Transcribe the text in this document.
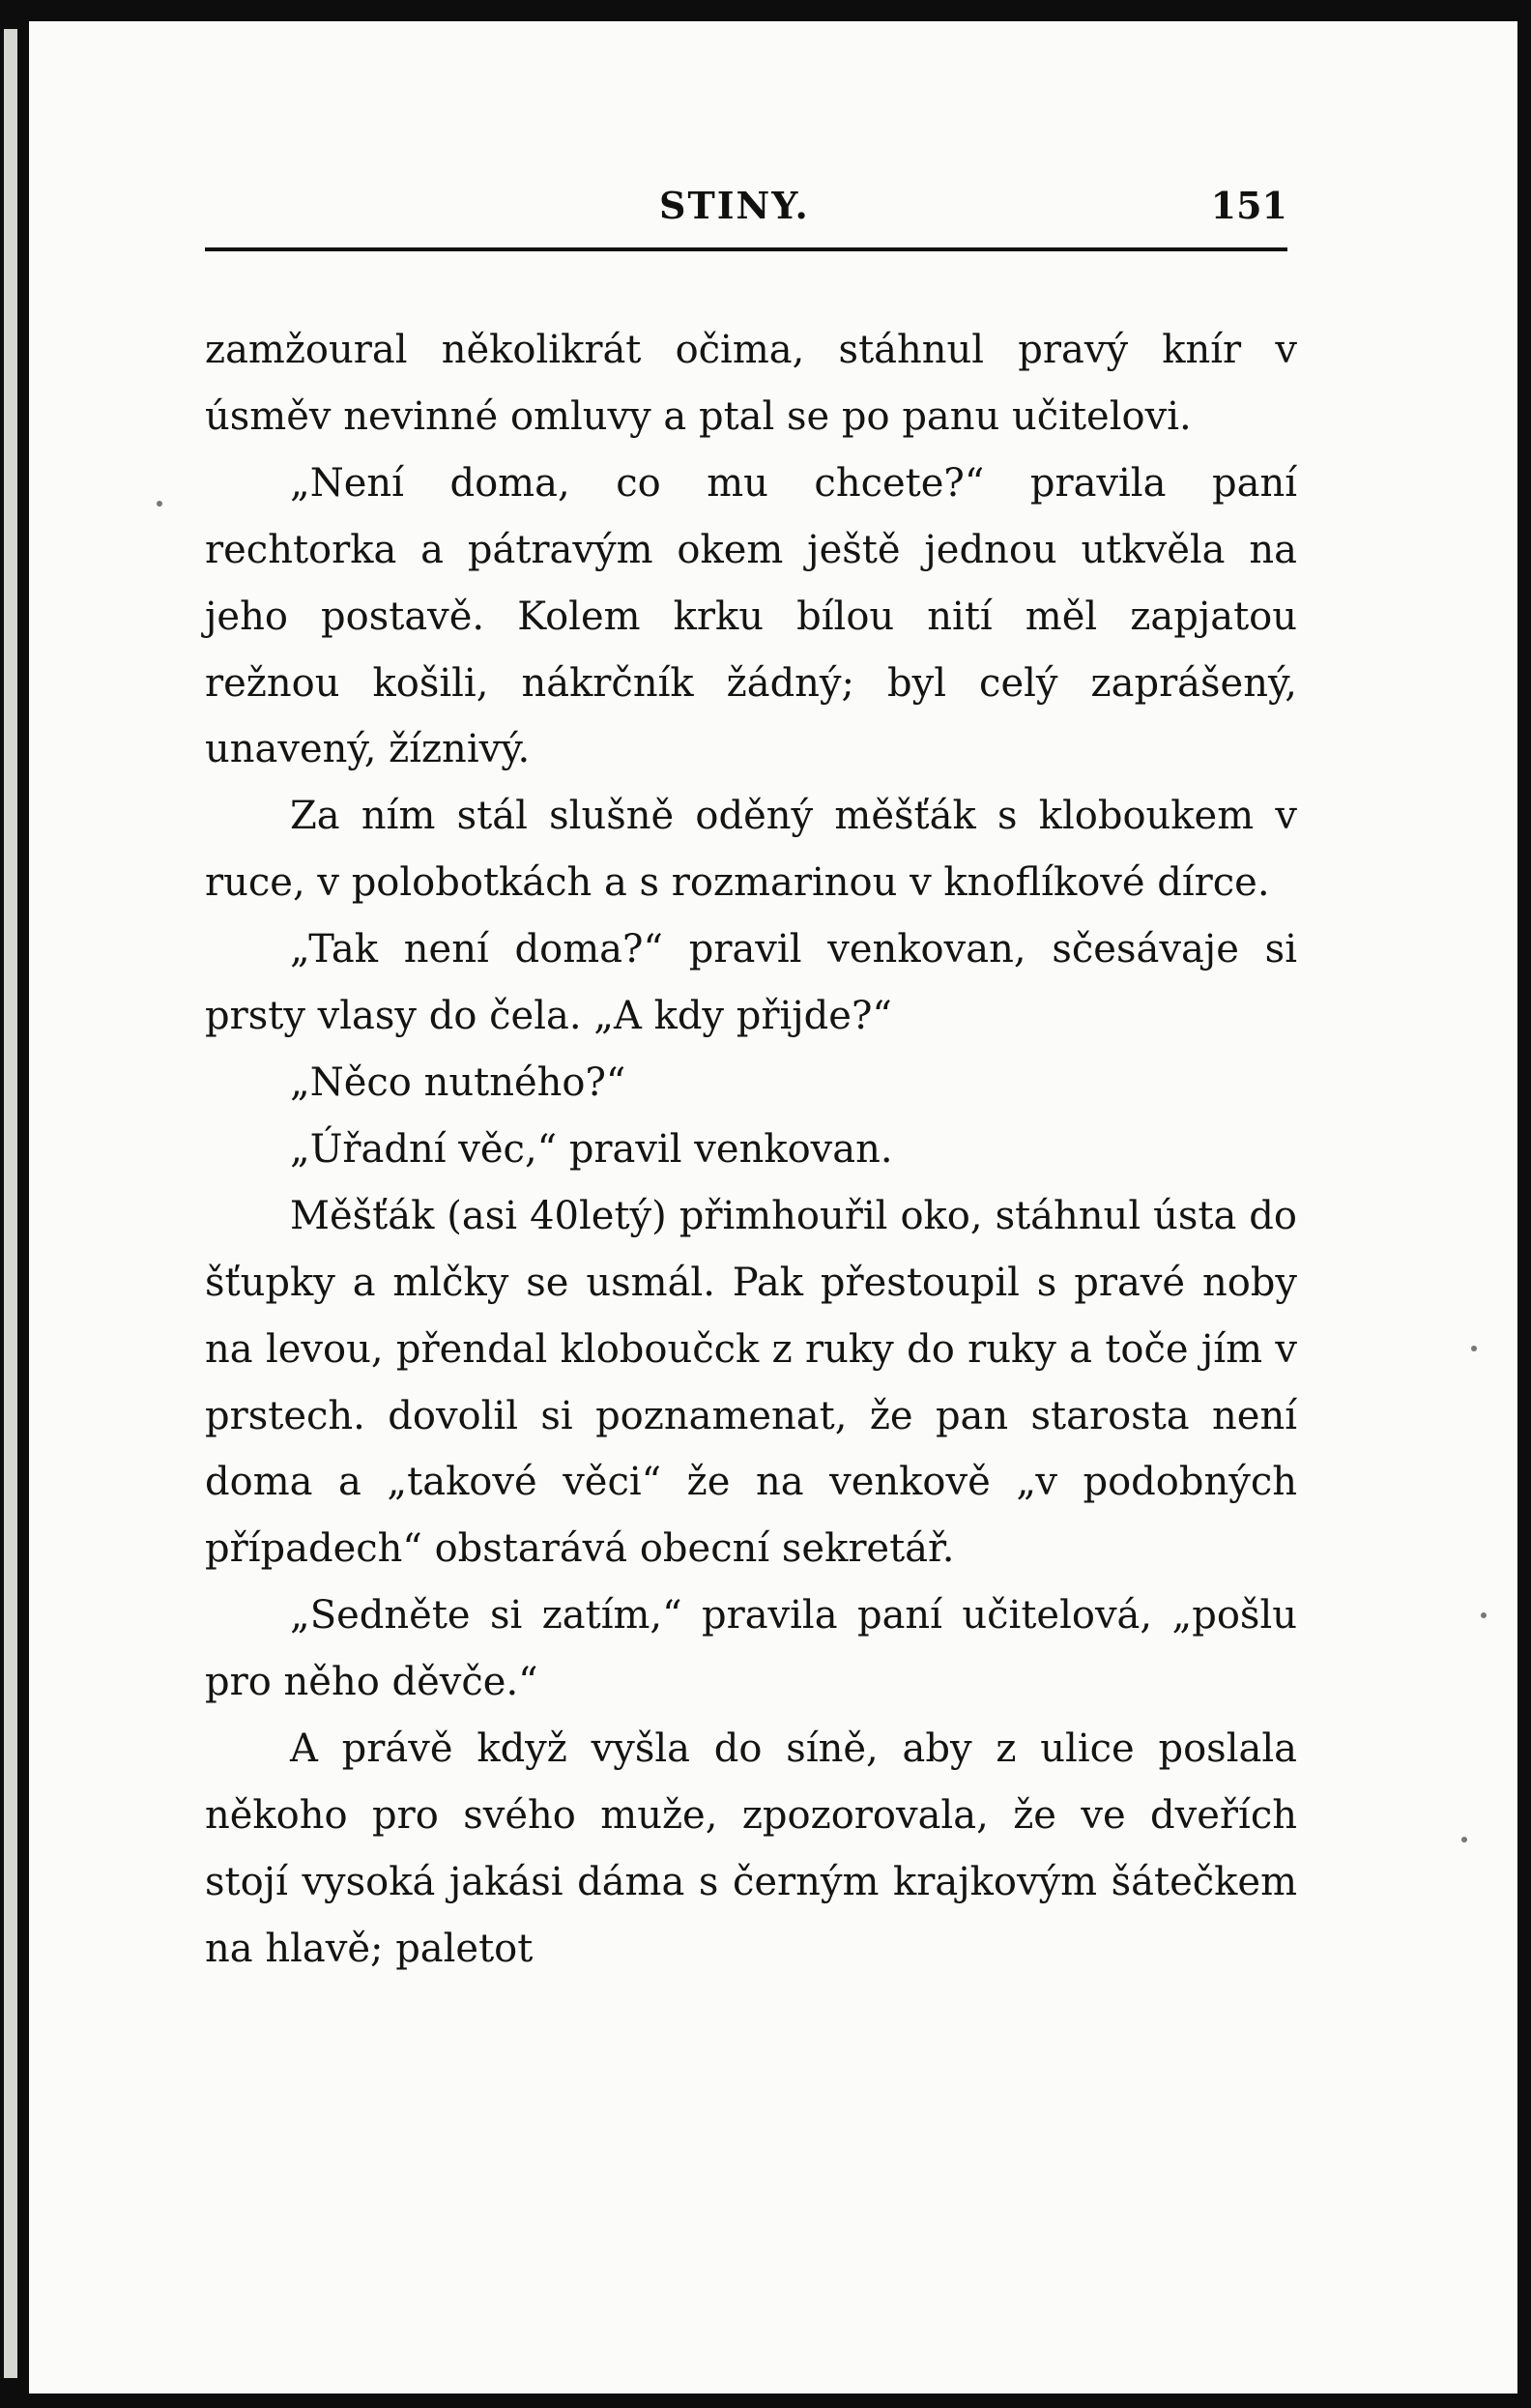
STINY.	151

zamžoural několikrát očima, stáhnul pravý knír v úsměv nevinné omluvy a ptal se po panu učitelovi.

„Není doma, co mu chcete?“ pravila paní rechtorka a pátravým okem ještě jednou utkvěla na jeho postavě. Kolem krku bílou nití měl zapjatou režnou košili, nákrčník žádný; byl celý zaprášený, unavený, žíznivý.

Za ním stál slušně oděný měšťák s kloboukem v ruce, v polobotkách a s rozmarinou v knoflíkové dírce.

„Tak není doma?“ pravil venkovan, sčesávaje si prsty vlasy do čela. „A kdy přijde?“

„Něco nutného?“

„Úřadní věc,“ pravil venkovan.

Měšťák (asi 40letý) přimhouřil oko, stáhnul ústa do šťupky a mlčky se usmál. Pak přestoupil s pravé noby na levou, přendal kloboučck z ruky do ruky a toče jím v prstech. dovolil si poznamenat, že pan starosta není doma a „takové věci“ že na venkově „v podobných případech“ obstarává obecní sekretář.

„Sedněte si zatím,“ pravila paní učitelová, „pošlu pro něho děvče.“

A právě když vyšla do síně, aby z ulice poslala někoho pro svého muže, zpozorovala, že ve dveřích stojí vysoká jakási dáma s černým krajkovým šátečkem na hlavě; paletot
